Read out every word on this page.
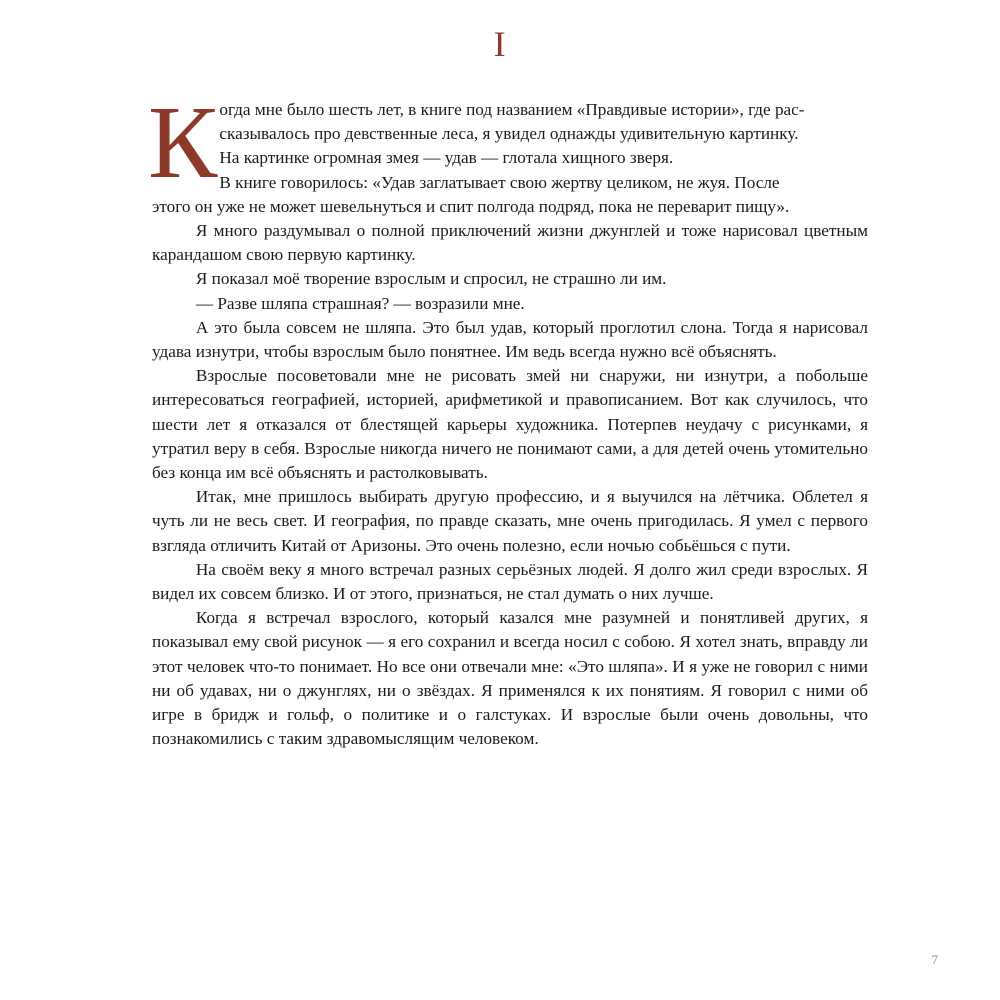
I

К огда мне было шесть лет, в книге под названием «Правдивые истории», где рас-
сказывалось про девственные леса, я увидел однажды удивительную картинку.
На картинке огромная змея — удав — глотала хищного зверя.
В книге говорилось: «Удав заглатывает свою жертву целиком, не жуя. После

этого он уже не может шевельнуться и спит полгода подряд, пока не переварит пищу».

Я много раздумывал о полной приключений жизни джунглей и тоже нарисовал цветным карандашом свою первую картинку.

Я показал моё творение взрослым и спросил, не страшно ли им.

— Разве шляпа страшная? — возразили мне.

А это была совсем не шляпа. Это был удав, который проглотил слона. Тогда я нарисовал удава изнутри, чтобы взрослым было понятнее. Им ведь всегда нужно всё объяснять.

Взрослые посоветовали мне не рисовать змей ни снаружи, ни изнутри, а побольше интересоваться географией, историей, арифметикой и правописанием. Вот как случилось, что шести лет я отказался от блестящей карьеры художника. Потерпев неудачу с рисунками, я утратил веру в себя. Взрослые никогда ничего не понимают сами, а для детей очень утомительно без конца им всё объяснять и растолковывать.

Итак, мне пришлось выбирать другую профессию, и я выучился на лётчика. Облетел я чуть ли не весь свет. И география, по правде сказать, мне очень пригодилась. Я умел с первого взгляда отличить Китай от Аризоны. Это очень полезно, если ночью собьёшься с пути.

На своём веку я много встречал разных серьёзных людей. Я долго жил среди взрослых. Я видел их совсем близко. И от этого, признаться, не стал думать о них лучше.

Когда я встречал взрослого, который казался мне разумней и понятливей других, я показывал ему свой рисунок — я его сохранил и всегда носил с собою. Я хотел знать, вправду ли этот человек что-то понимает. Но все они отвечали мне: «Это шляпа». И я уже не говорил с ними ни об удавах, ни о джунглях, ни о звёздах. Я применялся к их понятиям. Я говорил с ними об игре в бридж и гольф, о политике и о галстуках. И взрослые были очень довольны, что познакомились с таким здравомыслящим человеком.

7
